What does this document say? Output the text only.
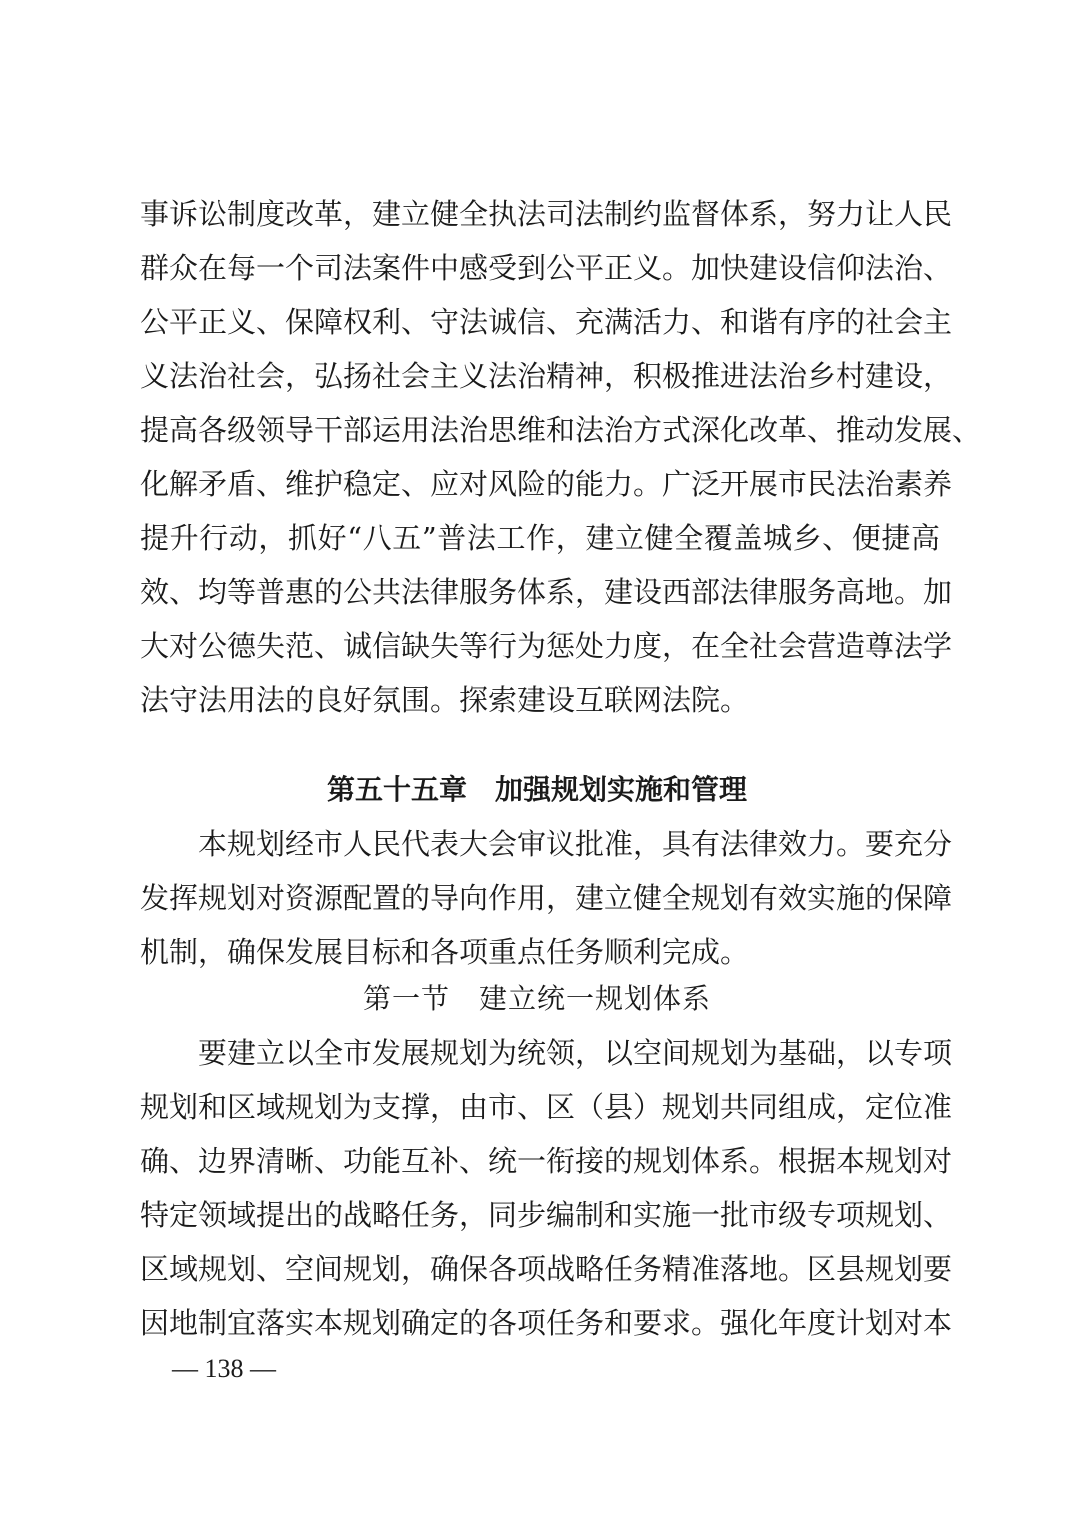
事诉讼制度改革，建立健全执法司法制约监督体系，努力让人民
群众在每一个司法案件中感受到公平正义。加快建设信仰法治、
公平正义、保障权利、守法诚信、充满活力、和谐有序的社会主
义法治社会，弘扬社会主义法治精神，积极推进法治乡村建设，
提高各级领导干部运用法治思维和法治方式深化改革、推动发展、
化解矛盾、维护稳定、应对风险的能力。广泛开展市民法治素养
提升行动，抓好“八五”普法工作，建立健全覆盖城乡、便捷高
效、均等普惠的公共法律服务体系，建设西部法律服务高地。加
大对公德失范、诚信缺失等行为惩处力度，在全社会营造尊法学
法守法用法的良好氛围。探索建设互联网法院。
第五十五章　加强规划实施和管理
本规划经市人民代表大会审议批准，具有法律效力。要充分
发挥规划对资源配置的导向作用，建立健全规划有效实施的保障
机制，确保发展目标和各项重点任务顺利完成。
第一节　建立统一规划体系
要建立以全市发展规划为统领，以空间规划为基础，以专项
规划和区域规划为支撑，由市、区（县）规划共同组成，定位准
确、边界清晰、功能互补、统一衔接的规划体系。根据本规划对
特定领域提出的战略任务，同步编制和实施一批市级专项规划、
区域规划、空间规划，确保各项战略任务精准落地。区县规划要
因地制宜落实本规划确定的各项任务和要求。强化年度计划对本
— 138 —
